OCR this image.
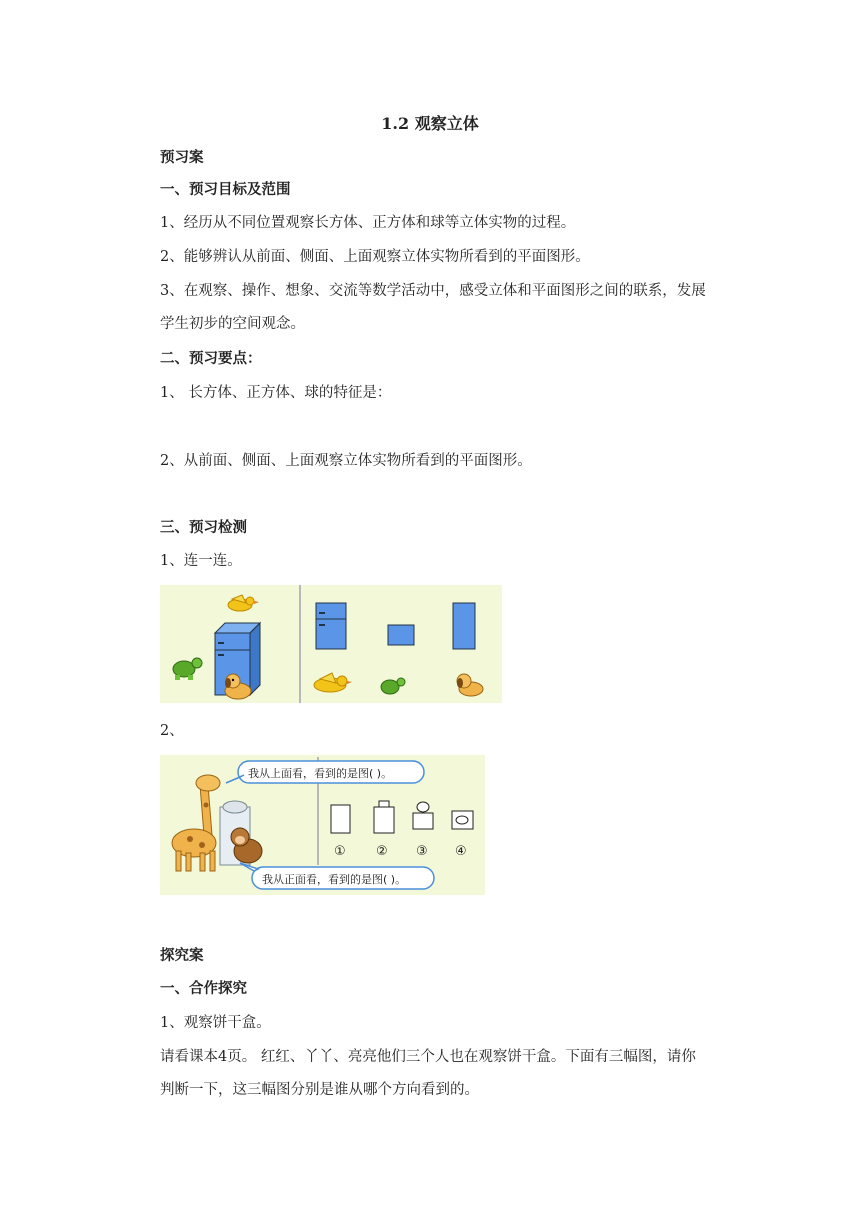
1.2 观察立体
预习案
一、预习目标及范围
1、经历从不同位置观察长方体、正方体和球等立体实物的过程。
2、能够辨认从前面、侧面、上面观察立体实物所看到的平面图形。
3、在观察、操作、想象、交流等数学活动中，感受立体和平面图形之间的联系，发展
学生初步的空间观念。
二、预习要点：
1、 长方体、正方体、球的特征是：
2、从前面、侧面、上面观察立体实物所看到的平面图形。
三、预习检测
1、连一连。
2、
我从上面看，看到的是图( )。
我从正面看，看到的是图( )。
① ② ③ ④
探究案
一、合作探究
1、观察饼干盒。
请看课本4页。 红红、丫丫、亮亮他们三个人也在观察饼干盒。下面有三幅图，请你
判断一下，这三幅图分别是谁从哪个方向看到的。
